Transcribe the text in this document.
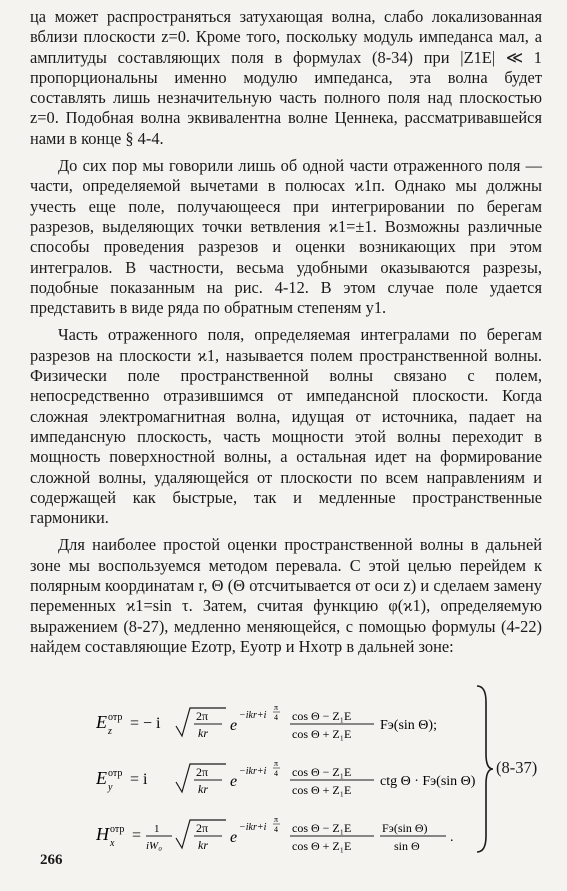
ца может распространяться затухающая волна, слабо локализованная вблизи плоскости z=0. Кроме того, поскольку модуль импеданса мал, а амплитуды составляющих поля в формулах (8-34) при |Z1E| ≪ 1 пропорциональны именно модулю импеданса, эта волна будет составлять лишь незначительную часть полного поля над плоскостью z=0. Подобная волна эквивалентна волне Ценнека, рассматривавшейся нами в конце § 4-4.

До сих пор мы говорили лишь об одной части отраженного поля — части, определяемой вычетами в полюсах ϰ1п. Однако мы должны учесть еще поле, получающееся при интегрировании по берегам разрезов, выделяющих точки ветвления ϰ1=±1. Возможны различные способы проведения разрезов и оценки возникающих при этом интегралов. В частности, весьма удобными оказываются разрезы, подобные показанным на рис. 4-12. В этом случае поле удается представить в виде ряда по обратным степеням y1.

Часть отраженного поля, определяемая интегралами по берегам разрезов на плоскости ϰ1, называется полем пространственной волны. Физически поле пространственной волны связано с полем, непосредственно отразившимся от импедансной плоскости. Когда сложная электромагнитная волна, идущая от источника, падает на импедансную плоскость, часть мощности этой волны переходит в мощность поверхностной волны, а остальная идет на формирование сложной волны, удаляющейся от плоскости по всем направлениям и содержащей как быстрые, так и медленные пространственные гармоники.

Для наиболее простой оценки пространственной волны в дальней зоне мы воспользуемся методом перевала. С этой целью перейдем к полярным координатам r, Θ (Θ отсчитывается от оси z) и сделаем замену переменных ϰ1=sin τ. Затем, считая функцию φ(ϰ1), определяемую выражением (8-27), медленно меняющейся, с помощью формулы (4-22) найдем составляющие Ezотр, Eyотр и Hxотр в дальней зоне:

E отр
z = − i	2π
kr e
−ikr+i
π
4 cos Θ − Z₁E
cos Θ + Z₁E
Fэ(sin Θ);
E отр
y = i	2π
kr e
−ikr+i
π
4 cos Θ − Z₁E
cos Θ + Z₁E
ctg Θ · Fэ(sin Θ);
H отр
x = 1
iW₀
2π
kr e
−ikr+i
π
4 cos Θ − Z₁E
cos Θ + Z₁E
Fэ(sin Θ)
sin Θ
.
(8-37)
266
